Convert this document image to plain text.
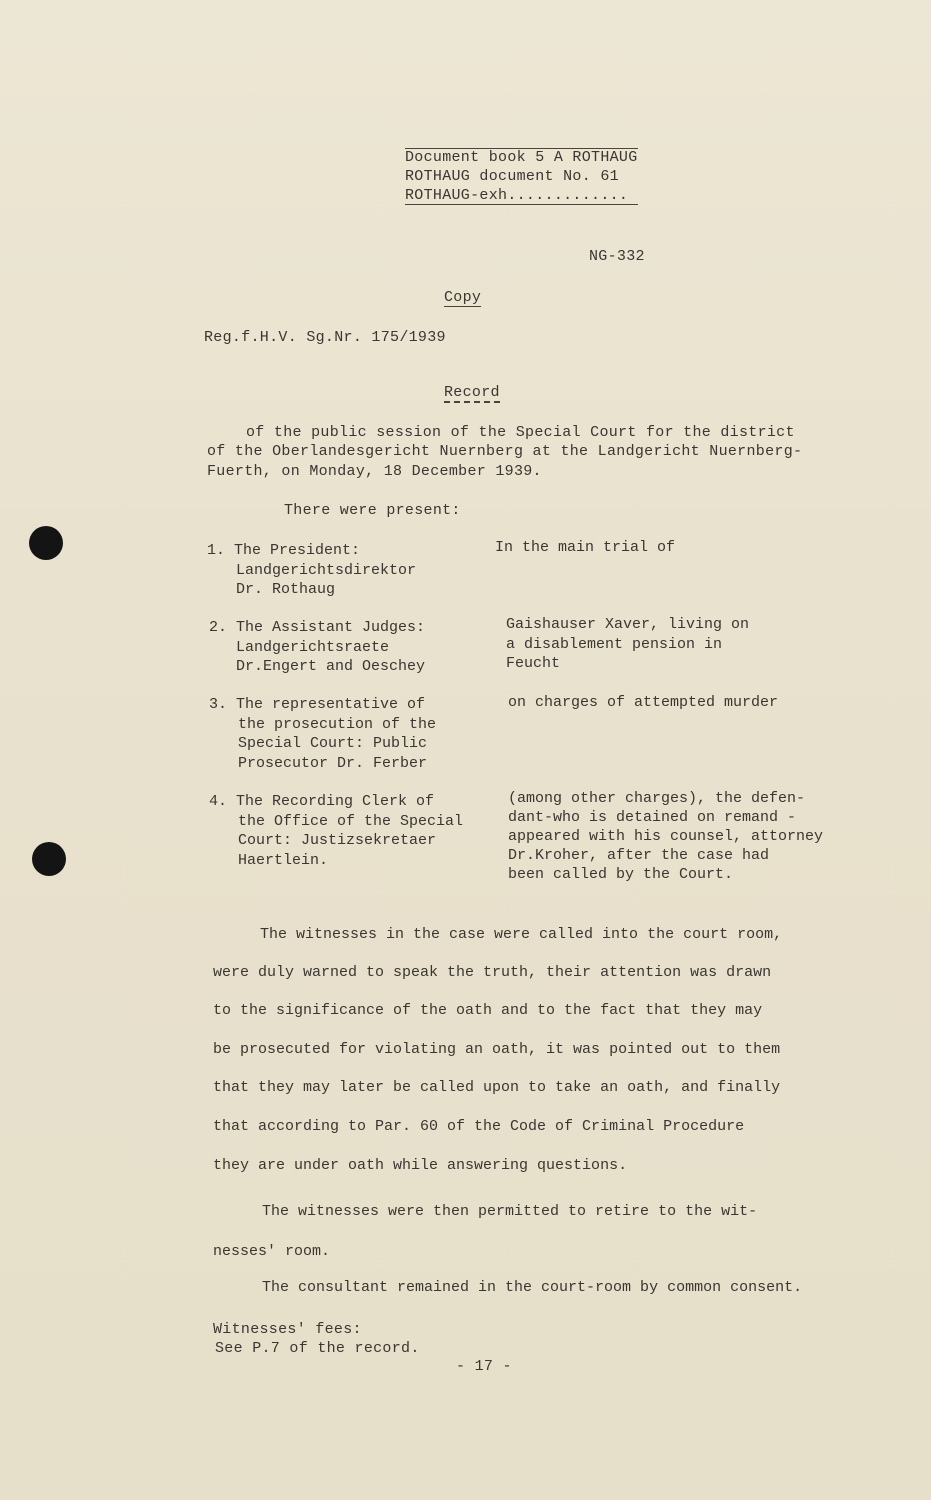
Document book 5 A ROTHAUG
ROTHAUG document No. 61
ROTHAUG-exh.............
NG-332
Copy
Reg.f.H.V. Sg.Nr. 175/1939
Record
of the public session of the Special Court for the district
of the Oberlandesgericht Nuernberg at the Landgericht Nuernberg-
Fuerth, on Monday, 18 December 1939.
There were present:
1. The President:
Landgerichtsdirektor
Dr. Rothaug
2. The Assistant Judges:
Landgerichtsraete
Dr.Engert and Oeschey
3. The representative of
the prosecution of the
Special Court: Public
Prosecutor Dr. Ferber
4. The Recording Clerk of
the Office of the Special
Court: Justizsekretaer
Haertlein.
In the main trial of
Gaishauser Xaver, living on
a disablement pension in
Feucht
on charges of attempted murder
(among other charges), the defen-
dant-who is detained on remand -
appeared with his counsel, attorney
Dr.Kroher, after the case had
been called by the Court.
The witnesses in the case were called into the court room,
were duly warned to speak the truth, their attention was drawn
to the significance of the oath and to the fact that they may
be prosecuted for violating an oath, it was pointed out to them
that they may later be called upon to take an oath, and finally
that according to Par. 60 of the Code of Criminal Procedure
they are under oath while answering questions.
The witnesses were then permitted to retire to the wit-
nesses' room.
The consultant remained in the court-room by common consent.
Witnesses' fees:
See P.7 of the record.
- 17 -
